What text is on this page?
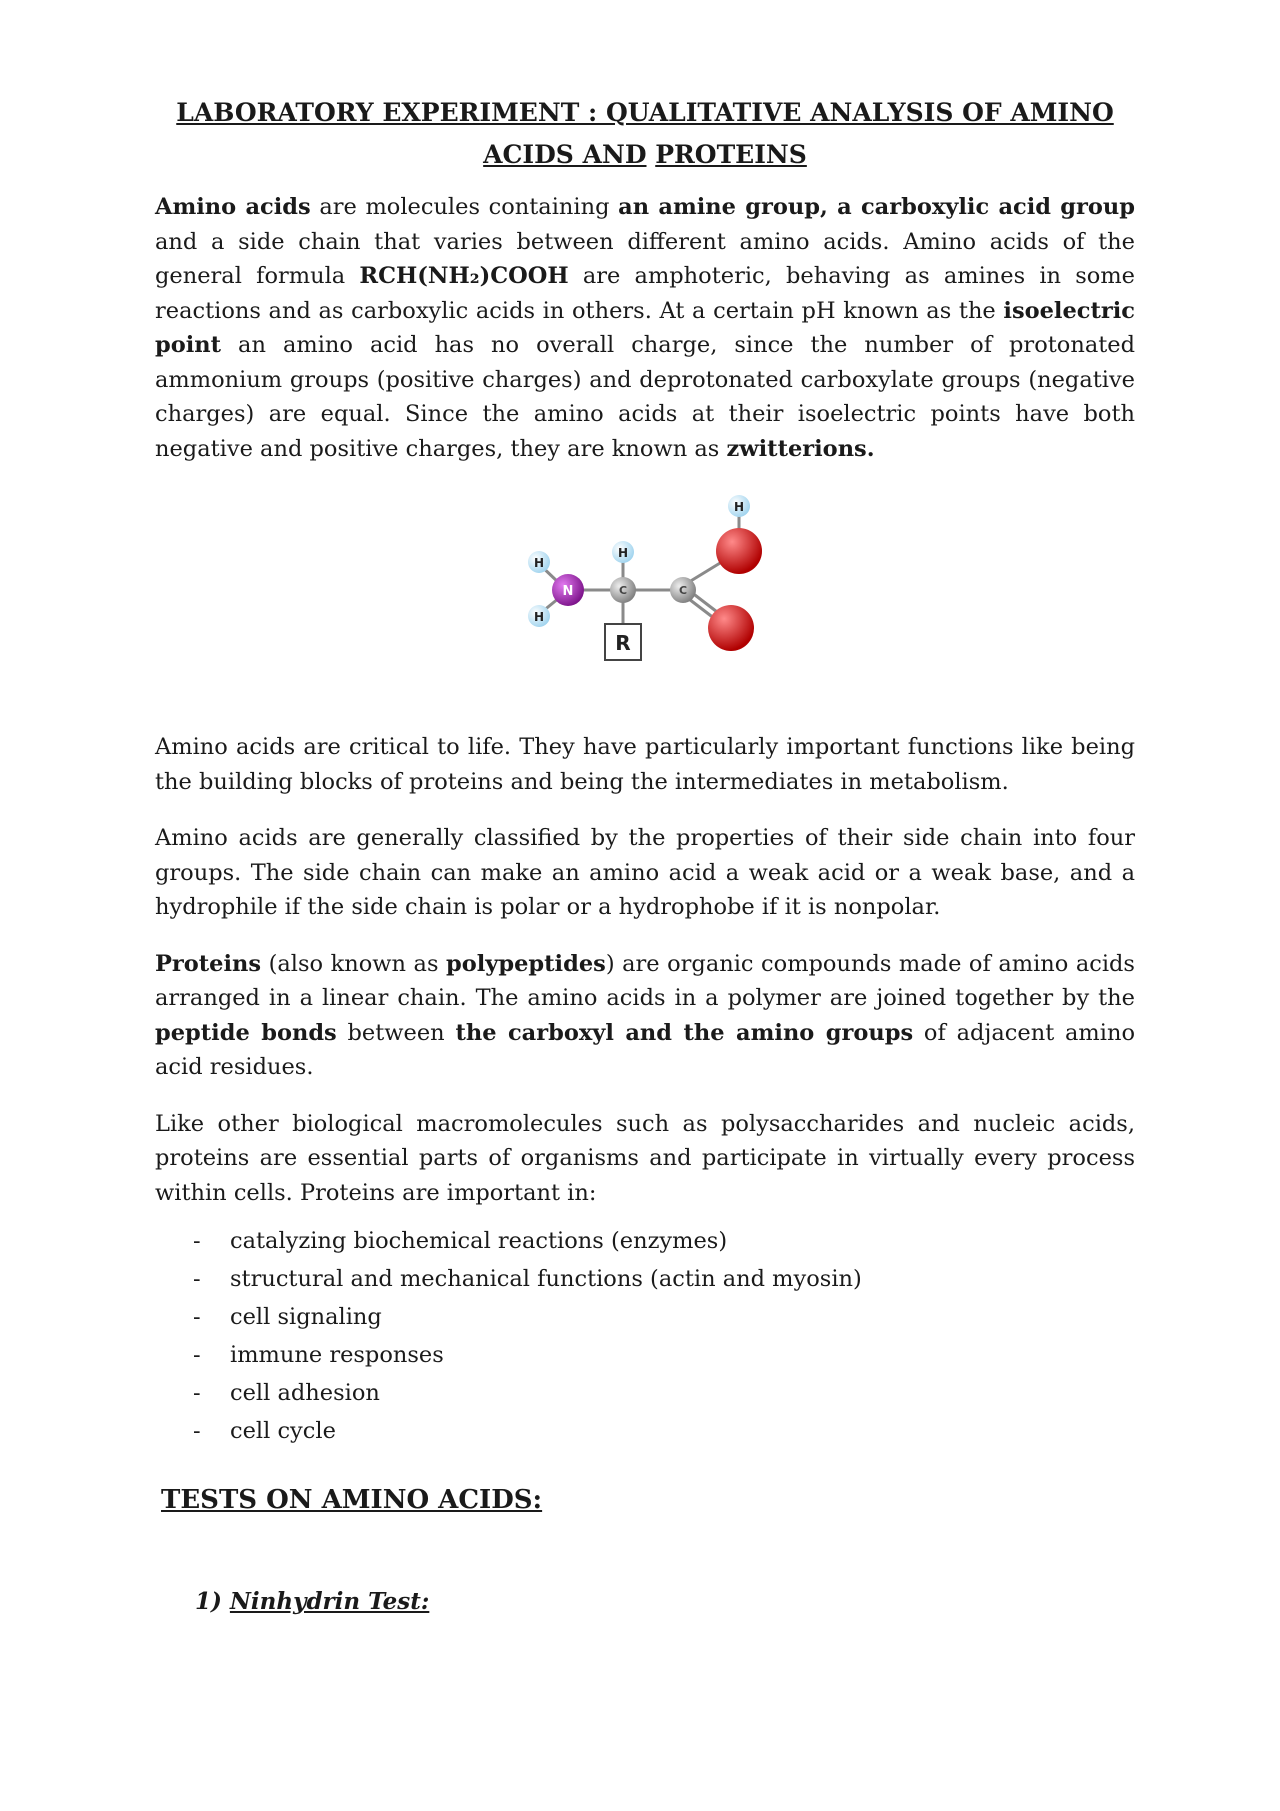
LABORATORY EXPERIMENT : QUALITATIVE ANALYSIS OF AMINO
ACIDS AND PROTEINS

Amino acids are molecules containing an amine group, a carboxylic acid group and a side chain that varies between different amino acids. Amino acids of the general formula RCH(NH₂)COOH are amphoteric, behaving as amines in some reactions and as carboxylic acids in others. At a certain pH known as the isoelectric point an amino acid has no overall charge, since the number of protonated ammonium groups (positive charges) and deprotonated carboxylate groups (negative charges) are equal. Since the amino acids at their isoelectric points have both negative and positive charges, they are known as zwitterions.

H
H
H
H
N	C	C
R

Amino acids are critical to life. They have particularly important functions like being the building blocks of proteins and being the intermediates in metabolism.

Amino acids are generally classified by the properties of their side chain into four groups. The side chain can make an amino acid a weak acid or a weak base, and a hydrophile if the side chain is polar or a hydrophobe if it is nonpolar.

Proteins (also known as polypeptides) are organic compounds made of amino acids arranged in a linear chain. The amino acids in a polymer are joined together by the peptide bonds between the carboxyl and the amino groups of adjacent amino acid residues.

Like other biological macromolecules such as polysaccharides and nucleic acids, proteins are essential parts of organisms and participate in virtually every process within cells. Proteins are important in:

- catalyzing biochemical reactions (enzymes)
- structural and mechanical functions (actin and myosin)
- cell signaling
- immune responses
- cell adhesion
- cell cycle
TESTS ON AMINO ACIDS:
1) Ninhydrin Test:
